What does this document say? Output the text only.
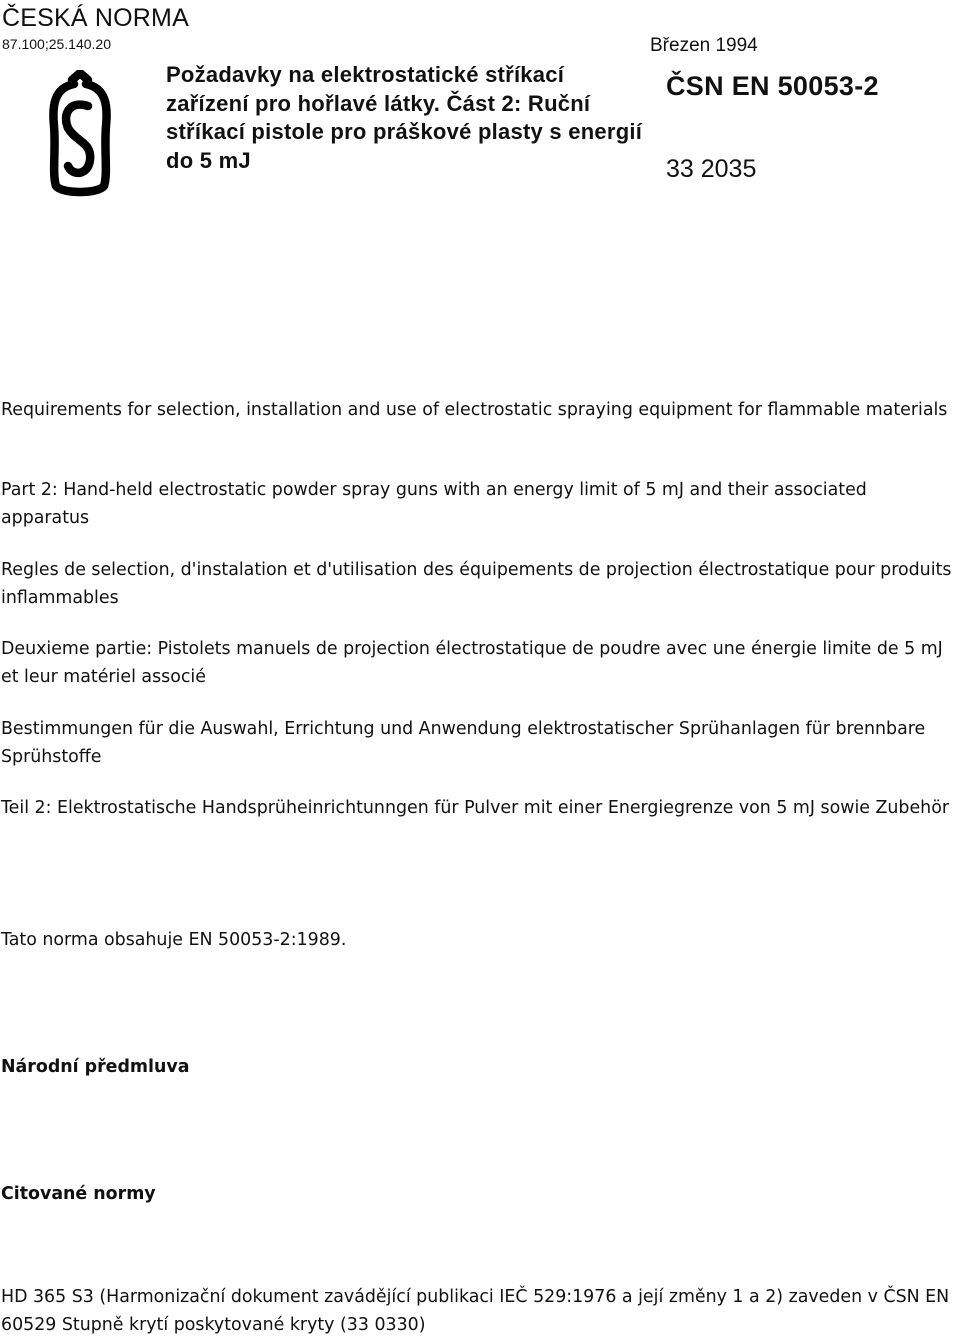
ČESKÁ NORMA
87.100;25.140.20
Požadavky na elektrostatické stříkací zařízení pro hořlavé látky. Část 2: Ruční stříkací pistole pro práškové plasty s energií do 5 mJ
Březen 1994
ČSN EN 50053-2
33 2035

Requirements for selection, installation and use of electrostatic spraying equipment for flammable materials

Part 2: Hand-held electrostatic powder spray guns with an energy limit of 5 mJ and their associated apparatus

Regles de selection, d'instalation et d'utilisation des équipements de projection électrostatique pour produits inflammables

Deuxieme partie: Pistolets manuels de projection électrostatique de poudre avec une énergie limite de 5 mJ et leur matériel associé

Bestimmungen für die Auswahl, Errichtung und Anwendung elektrostatischer Sprühanlagen für brennbare Sprühstoffe

Teil 2: Elektrostatische Handsprüheinrichtunngen für Pulver mit einer Energiegrenze von 5 mJ sowie Zubehör

Tato norma obsahuje EN 50053-2:1989.

Národní předmluva

Citované normy

HD 365 S3 (Harmonizační dokument zavádějící publikaci IEČ 529:1976 a její změny 1 a 2) zaveden v ČSN EN 60529 Stupně krytí poskytované kryty (33 0330)
